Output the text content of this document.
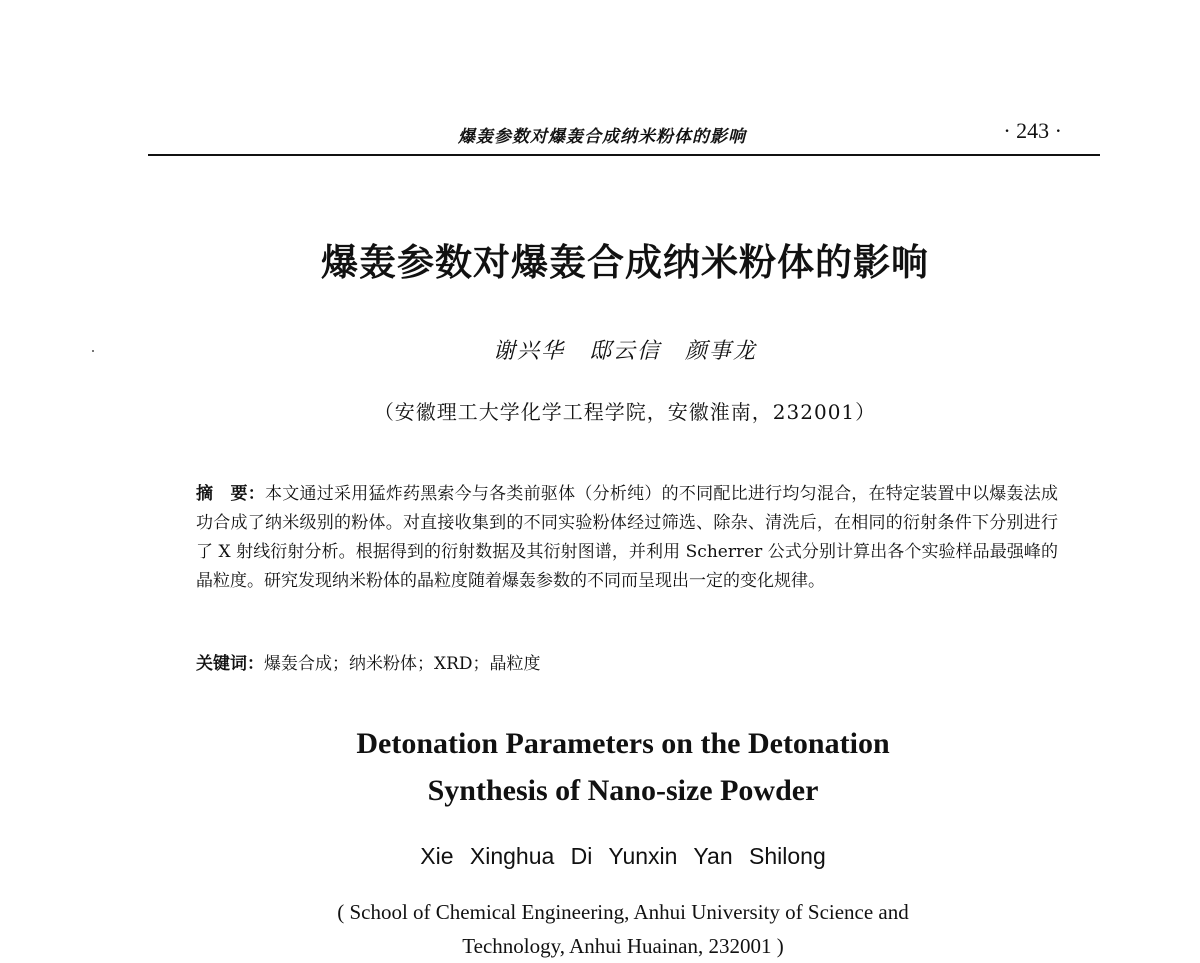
爆轰参数对爆轰合成纳米粉体的影响	· 243 ·
爆轰参数对爆轰合成纳米粉体的影响
谢兴华　邸云信　颜事龙
（安徽理工大学化学工程学院，安徽淮南，232001）
摘　要：本文通过采用猛炸药黑索今与各类前驱体（分析纯）的不同配比进行均匀混合，在特定装置中以爆轰法成功合成了纳米级别的粉体。对直接收集到的不同实验粉体经过筛选、除杂、清洗后，在相同的衍射条件下分别进行了 X 射线衍射分析。根据得到的衍射数据及其衍射图谱，并利用 Scherrer 公式分别计算出各个实验样品最强峰的晶粒度。研究发现纳米粉体的晶粒度随着爆轰参数的不同而呈现出一定的变化规律。
关键词：爆轰合成；纳米粉体；XRD；晶粒度
Detonation Parameters on the Detonation
Synthesis of Nano-size Powder
Xie Xinghua Di Yunxin Yan Shilong
( School of Chemical Engineering, Anhui University of Science and
Technology, Anhui Huainan, 232001 )
